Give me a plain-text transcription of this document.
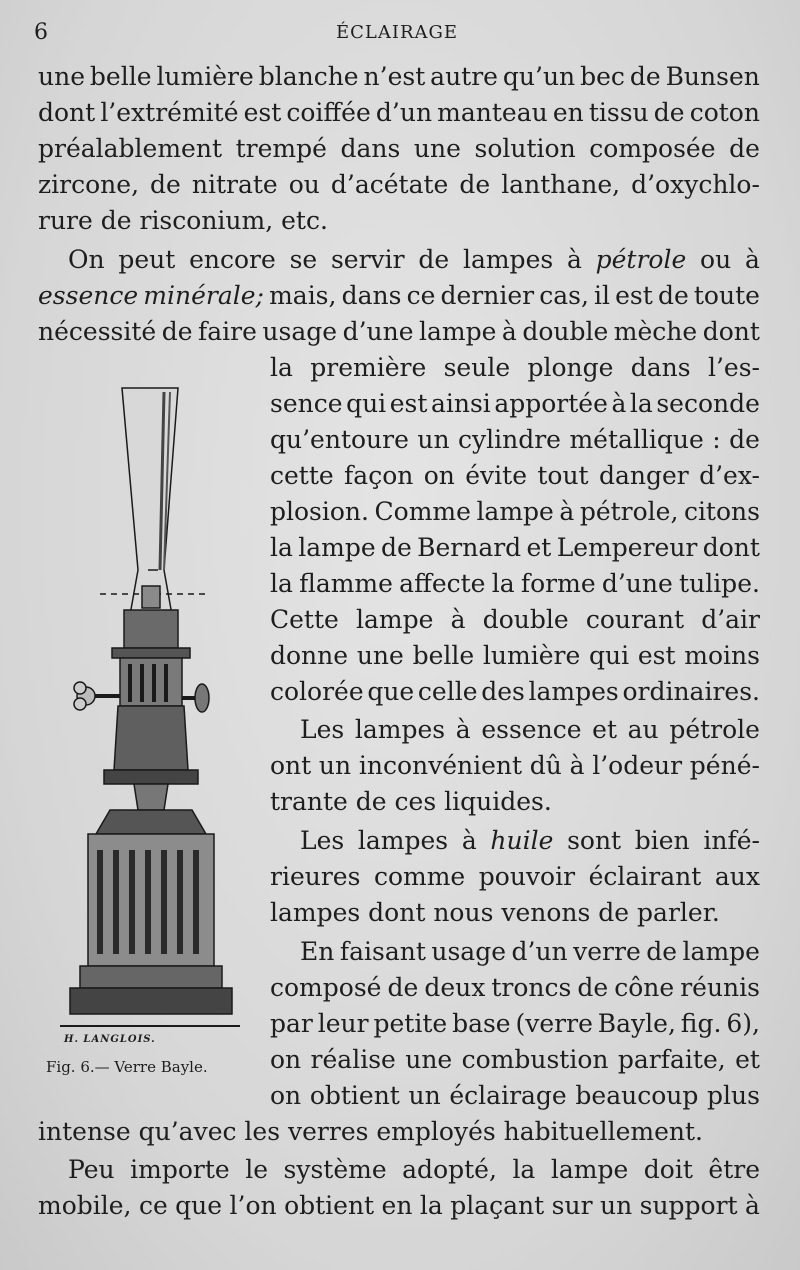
6	ÉCLAIRAGE
une belle lumière blanche n’est autre qu’un bec de Bunsen
dont l’extrémité est coiffée d’un manteau en tissu de coton
préalablement trempé dans une solution composée de
zircone, de nitrate ou d’acétate de lanthane, d’oxychlo-
rure de risconium, etc.
On peut encore se servir de lampes à pétrole ou à
essence minérale; mais, dans ce dernier cas, il est de toute
nécessité de faire usage d’une lampe à double mèche dont
la première seule plonge dans l’es-
sence qui est ainsi apportée à la seconde
qu’entoure un cylindre métallique : de
cette façon on évite tout danger d’ex-
plosion. Comme lampe à pétrole, citons
la lampe de Bernard et Lempereur dont
la flamme affecte la forme d’une tulipe.
Cette lampe à double courant d’air
donne une belle lumière qui est moins
colorée que celle des lampes ordinaires.
Les lampes à essence et au pétrole
ont un inconvénient dû à l’odeur péné-
trante de ces liquides.
Les lampes à huile sont bien infé-
rieures comme pouvoir éclairant aux
lampes dont nous venons de parler.
En faisant usage d’un verre de lampe
composé de deux troncs de cône réunis
par leur petite base (verre Bayle, fig. 6),
on réalise une combustion parfaite, et
on obtient un éclairage beaucoup plus
intense qu’avec les verres employés habituellement.
Peu importe le système adopté, la lampe doit être
mobile, ce que l’on obtient en la plaçant sur un support à
H. LANGLOIS.
Fig. 6.— Verre Bayle.
